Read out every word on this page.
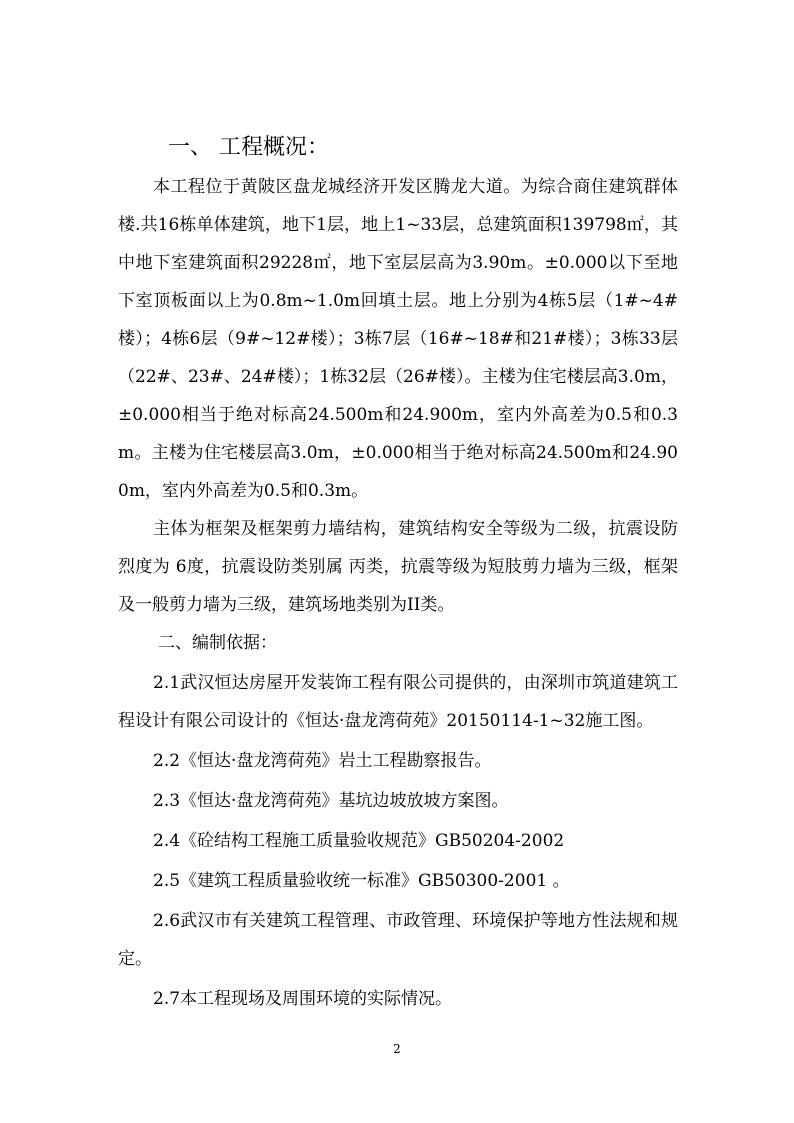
一、 工程概况：

本工程位于黄陂区盘龙城经济开发区腾龙大道。为综合商住建筑群体楼.共16栋单体建筑，地下1层，地上1~33层，总建筑面积139798㎡，其中地下室建筑面积29228㎡，地下室层层高为3.90m。±0.000以下至地下室顶板面以上为0.8m~1.0m回填土层。地上分别为4栋5层（1#~4#楼）；4栋6层（9#~12#楼）；3栋7层（16#~18#和21#楼）；3栋33层（22#、23#、24#楼）；1栋32层（26#楼）。主楼为住宅楼层高3.0m，±0.000相当于绝对标高24.500m和24.900m，室内外高差为0.5和0.3m。主楼为住宅楼层高3.0m，±0.000相当于绝对标高24.500m和24.900m，室内外高差为0.5和0.3m。

主体为框架及框架剪力墙结构，建筑结构安全等级为二级，抗震设防烈度为 6度，抗震设防类别属 丙类，抗震等级为短肢剪力墙为三级，框架及一般剪力墙为三级，建筑场地类别为II类。

二、编制依据：

2.1武汉恒达房屋开发装饰工程有限公司提供的，由深圳市筑道建筑工程设计有限公司设计的《恒达·盘龙湾荷苑》20150114-1~32施工图。

2.2《恒达·盘龙湾荷苑》岩土工程勘察报告。

2.3《恒达·盘龙湾荷苑》基坑边坡放坡方案图。

2.4《砼结构工程施工质量验收规范》GB50204-2002

2.5《建筑工程质量验收统一标准》GB50300-2001 。

2.6武汉市有关建筑工程管理、市政管理、环境保护等地方性法规和规定。

2.7本工程现场及周围环境的实际情况。

2
